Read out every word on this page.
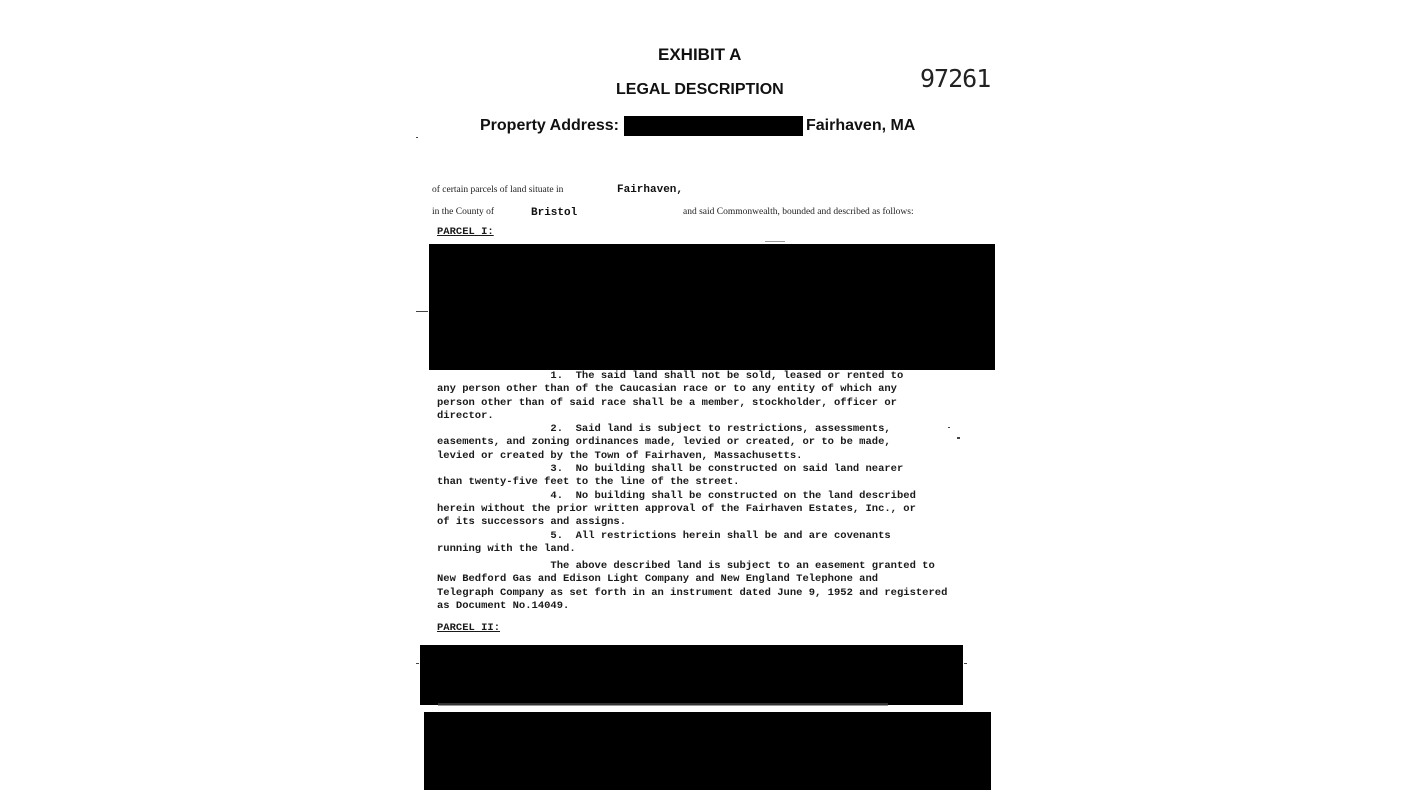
EXHIBIT A
LEGAL DESCRIPTION	97261
Property Address:	Fairhaven, MA
of certain parcels of land situate in	Fairhaven,
in the County of	Bristol	and said Commonwealth, bounded and described as follows:
PARCEL I:
1.  The said land shall not be sold, leased or rented to
any person other than of the Caucasian race or to any entity of which any
person other than of said race shall be a member, stockholder, officer or
director.
2.  Said land is subject to restrictions, assessments,
easements, and zoning ordinances made, levied or created, or to be made,
levied or created by the Town of Fairhaven, Massachusetts.
3.  No building shall be constructed on said land nearer
than twenty-five feet to the line of the street.
4.  No building shall be constructed on the land described
herein without the prior written approval of the Fairhaven Estates, Inc., or
of its successors and assigns.
5.  All restrictions herein shall be and are covenants
running with the land.
The above described land is subject to an easement granted to
New Bedford Gas and Edison Light Company and New England Telephone and
Telegraph Company as set forth in an instrument dated June 9, 1952 and registered
as Document No.14049.
PARCEL II:
